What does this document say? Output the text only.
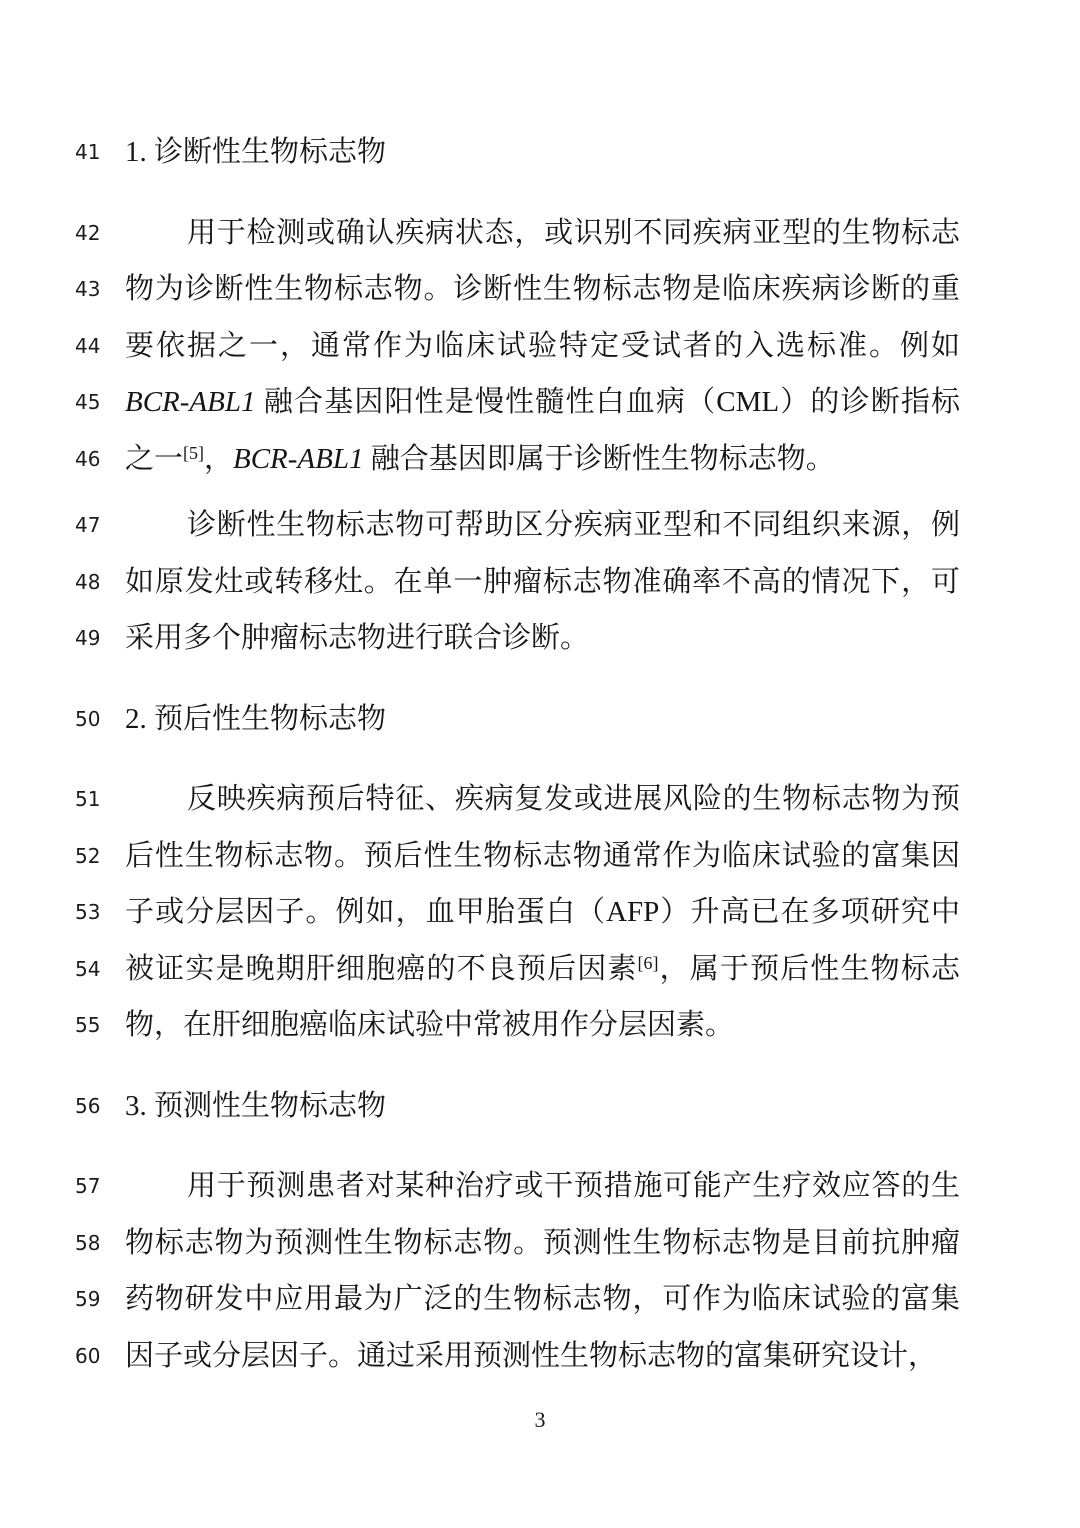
41 1. 诊断性生物标志物
42	用于检测或确认疾病状态，或识别不同疾病亚型的生物标志
43 物为诊断性生物标志物。诊断性生物标志物是临床疾病诊断的重
44 要依据之一，通常作为临床试验特定受试者的入选标准。例如
45 BCR-ABL1 融合基因阳性是慢性髓性白血病（CML）的诊断指标
46 之一[5]，BCR-ABL1 融合基因即属于诊断性生物标志物。
47	诊断性生物标志物可帮助区分疾病亚型和不同组织来源，例
48 如原发灶或转移灶。在单一肿瘤标志物准确率不高的情况下，可
49 采用多个肿瘤标志物进行联合诊断。
50 2. 预后性生物标志物
51	反映疾病预后特征、疾病复发或进展风险的生物标志物为预
52 后性生物标志物。预后性生物标志物通常作为临床试验的富集因
53 子或分层因子。例如，血甲胎蛋白（AFP）升高已在多项研究中
54 被证实是晚期肝细胞癌的不良预后因素[6]，属于预后性生物标志
55 物，在肝细胞癌临床试验中常被用作分层因素。
56 3. 预测性生物标志物
57	用于预测患者对某种治疗或干预措施可能产生疗效应答的生
58 物标志物为预测性生物标志物。预测性生物标志物是目前抗肿瘤
59 药物研发中应用最为广泛的生物标志物，可作为临床试验的富集
60 因子或分层因子。通过采用预测性生物标志物的富集研究设计，
3
